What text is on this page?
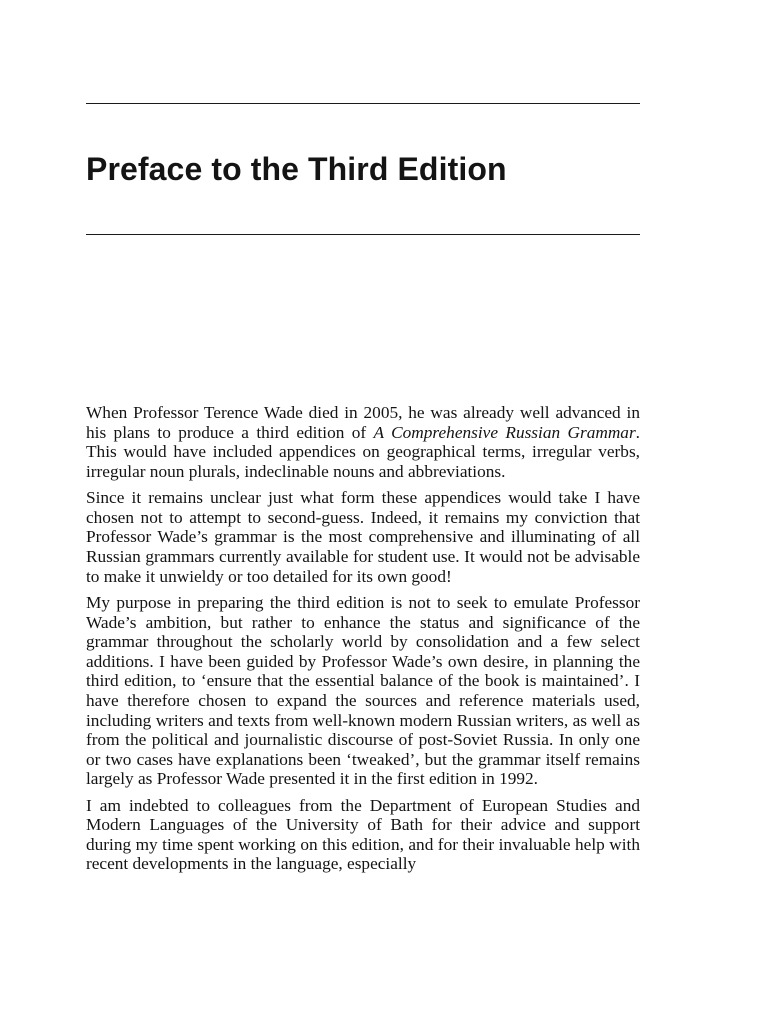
Preface to the Third Edition

When Professor Terence Wade died in 2005, he was already well advanced in his plans to produce a third edition of A Comprehensive Russian Grammar. This would have included appendices on geographical terms, irregular verbs, irregular noun plurals, indeclinable nouns and abbreviations.

Since it remains unclear just what form these appendices would take I have chosen not to attempt to second-guess. Indeed, it remains my conviction that Professor Wade’s grammar is the most comprehensive and illuminating of all Russian grammars currently available for student use. It would not be advisable to make it unwieldy or too detailed for its own good!

My purpose in preparing the third edition is not to seek to emulate Professor Wade’s ambition, but rather to enhance the status and significance of the grammar throughout the scholarly world by consolidation and a few select additions. I have been guided by Professor Wade’s own desire, in planning the third edition, to ‘ensure that the essential balance of the book is maintained’. I have therefore chosen to expand the sources and reference materials used, including writers and texts from well-known modern Russian writers, as well as from the political and journalistic discourse of post-Soviet Russia. In only one or two cases have explanations been ‘tweaked’, but the grammar itself remains largely as Professor Wade presented it in the first edition in 1992.

I am indebted to colleagues from the Department of European Studies and Modern Languages of the University of Bath for their advice and support during my time spent working on this edition, and for their invaluable help with recent developments in the language, especially
